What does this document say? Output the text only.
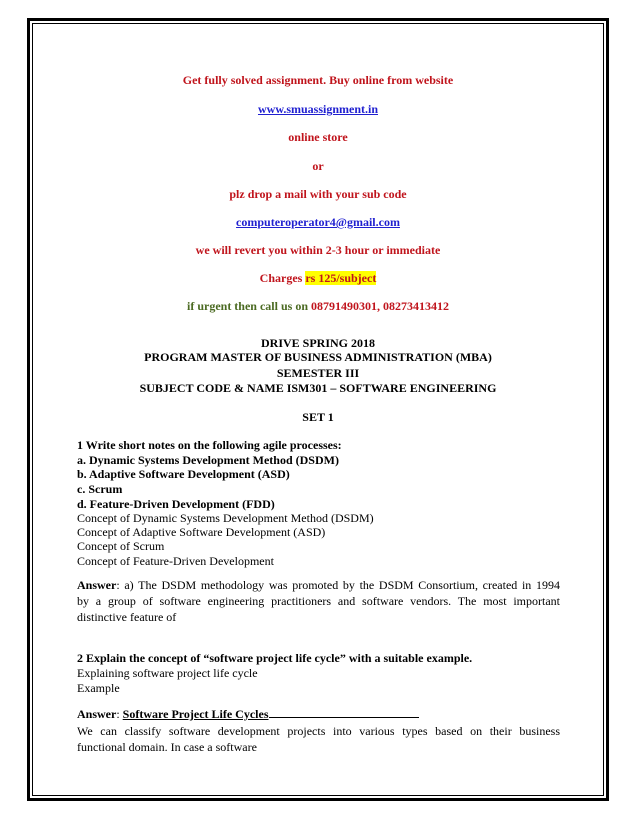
Get fully solved assignment. Buy online from website
www.smuassignment.in
online store
or
plz drop a mail with your sub code
computeroperator4@gmail.com
we will revert you within 2-3 hour or immediate
Charges rs 125/subject
if urgent then call us on 08791490301, 08273413412
DRIVE SPRING 2018
PROGRAM MASTER OF BUSINESS ADMINISTRATION (MBA)
SEMESTER III
SUBJECT CODE & NAME ISM301 – SOFTWARE ENGINEERING
SET 1
1 Write short notes on the following agile processes:
a. Dynamic Systems Development Method (DSDM)
b. Adaptive Software Development (ASD)
c. Scrum
d. Feature-Driven Development (FDD)
Concept of Dynamic Systems Development Method (DSDM)
Concept of Adaptive Software Development (ASD)
Concept of Scrum
Concept of Feature-Driven Development
Answer: a) The DSDM methodology was promoted by the DSDM Consortium, created in 1994
by a group of software engineering practitioners and software vendors. The most important
distinctive feature of
2 Explain the concept of “software project life cycle” with a suitable example.
Explaining software project life cycle
Example
Answer: Software Project Life Cycles
We can classify software development projects into various types based on their business
functional domain. In case a software
